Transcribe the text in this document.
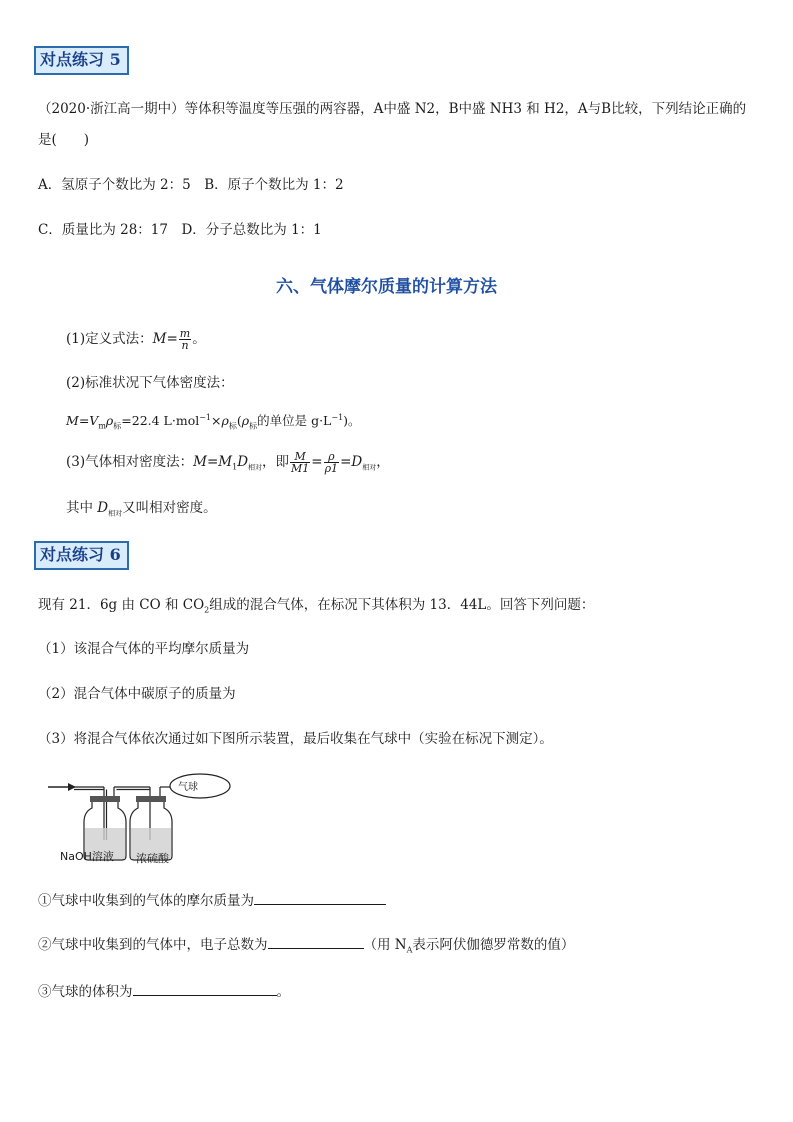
对点练习 5
（2020·浙江高一期中）等体积等温度等压强的两容器，A中盛 N2，B中盛 NH3 和 H2，A与B比较，下列结论正确的
是(　　)
A．氢原子个数比为 2：5　B．原子个数比为 1：2
C．质量比为 28：17　D．分子总数比为 1：1
六、气体摩尔质量的计算方法
(1)定义式法：$M= \frac{m}{n}$ 。
(2)标准状况下气体密度法：
$M=V_m\rho_标=22.4$ $L\cdot mol^{-1}\times\rho_标(\rho_标$的单位是 $g\cdot L^{-1}$)。
(3)气体相对密度法：$M=M_1D_{相对}$，即 $\frac{M}{M1} = \frac{\rho}{\rho 1} =D_{相对}$，
其中 $D_{相对}$又叫相对密度。
对点练习 6
现有 21．6g 由 CO 和 $CO_2$组成的混合气体，在标况下其体积为 13．44L。回答下列问题：
（1）该混合气体的平均摩尔质量为
（2）混合气体中碳原子的质量为
（3）将混合气体依次通过如下图所示装置，最后收集在气球中（实验在标况下测定）。
气球
NaOH溶液 浓硫酸
①气球中收集到的气体的摩尔质量为
②气球中收集到的气体中，电子总数为	（用 $N_A$表示阿伏伽德罗常数的值）
③气球的体积为	。
